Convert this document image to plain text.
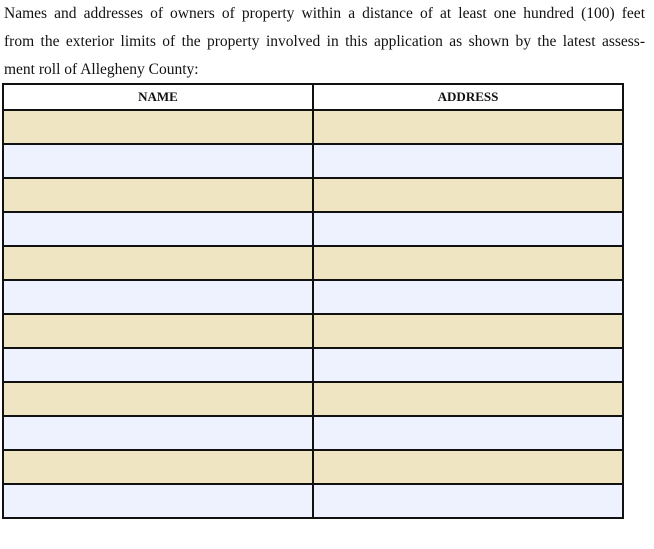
Names and addresses of owners of property within a distance of at least one hundred (100) feet
from the exterior limits of the property involved in this application as shown by the latest assess-
ment roll of Allegheny County:

NAME	ADDRESS
